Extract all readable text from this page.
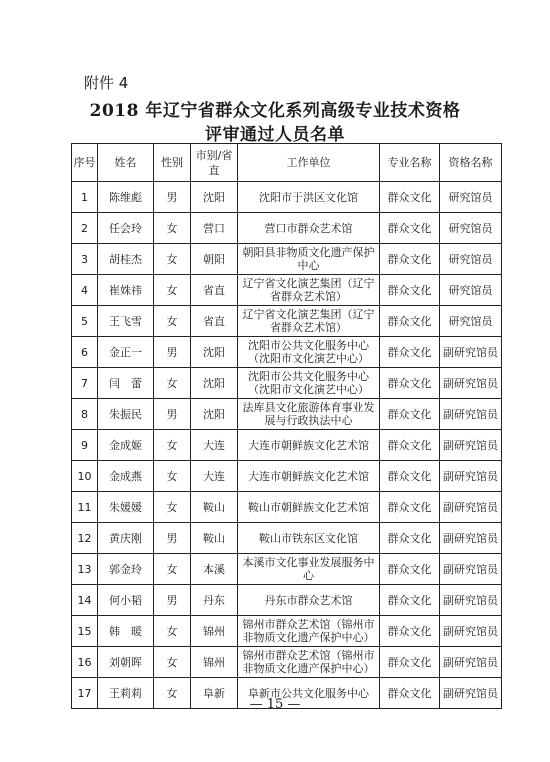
附件 4
2018 年辽宁省群众文化系列高级专业技术资格
评审通过人员名单
序号	姓名	性别	市别/省直	工作单位	专业名称	资格名称
1	陈维彪	男	沈阳	沈阳市于洪区文化馆	群众文化	研究馆员
2	任会玲	女	营口	营口市群众艺术馆	群众文化	研究馆员
3	胡桂杰	女	朝阳	朝阳县非物质文化遗产保护中心	群众文化	研究馆员
4	崔姝祎	女	省直	辽宁省文化演艺集团（辽宁省群众艺术馆）	群众文化	研究馆员
5	王飞雪	女	省直	辽宁省文化演艺集团（辽宁省群众艺术馆）	群众文化	研究馆员
6	金正一	男	沈阳	沈阳市公共文化服务中心（沈阳市文化演艺中心）	群众文化	副研究馆员
7	闫　蕾	女	沈阳	沈阳市公共文化服务中心（沈阳市文化演艺中心）	群众文化	副研究馆员
8	朱振民	男	沈阳	法库县文化旅游体育事业发展与行政执法中心	群众文化	副研究馆员
9	金成姬	女	大连	大连市朝鲜族文化艺术馆	群众文化	副研究馆员
10	金成燕	女	大连	大连市朝鲜族文化艺术馆	群众文化	副研究馆员
11	朱媛媛	女	鞍山	鞍山市朝鲜族文化艺术馆	群众文化	副研究馆员
12	黄庆刚	男	鞍山	鞍山市铁东区文化馆	群众文化	副研究馆员
13	郭金玲	女	本溪	本溪市文化事业发展服务中心	群众文化	副研究馆员
14	何小韬	男	丹东	丹东市群众艺术馆	群众文化	副研究馆员
15	韩　暖	女	锦州	锦州市群众艺术馆（锦州市非物质文化遗产保护中心）	群众文化	副研究馆员
16	刘朝晖	女	锦州	锦州市群众艺术馆（锦州市非物质文化遗产保护中心）	群众文化	副研究馆员
17	王莉莉	女	阜新	阜新市公共文化服务中心	群众文化	副研究馆员
— 15 —
